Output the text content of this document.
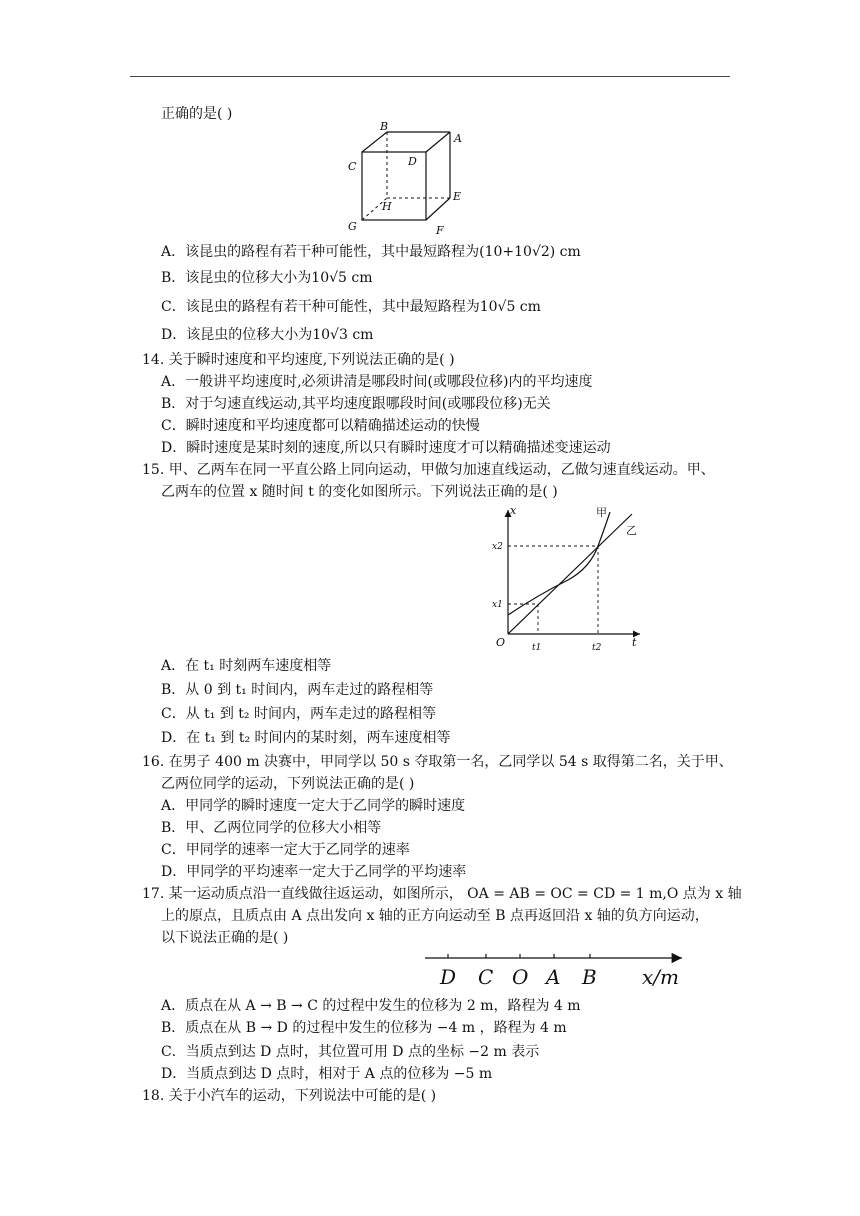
正确的是( )
B
A
C	D
E
G
H
F
A．该昆虫的路程有若干种可能性，其中最短路程为(10+10√2) cm
B．该昆虫的位移大小为10√5 cm
C．该昆虫的路程有若干种可能性，其中最短路程为10√5 cm
D．该昆虫的位移大小为10√3 cm
14. 关于瞬时速度和平均速度,下列说法正确的是( )
A．一般讲平均速度时,必须讲清是哪段时间(或哪段位移)内的平均速度
B．对于匀速直线运动,其平均速度跟哪段时间(或哪段位移)无关
C．瞬时速度和平均速度都可以精确描述运动的快慢
D．瞬时速度是某时刻的速度,所以只有瞬时速度才可以精确描述变速运动
15. 甲、乙两车在同一平直公路上同向运动，甲做匀加速直线运动，乙做匀速直线运动。甲、
乙两车的位置 x 随时间 t 的变化如图所示。下列说法正确的是( )
x
t
O	t1	t2
x1
x2
甲
乙
A．在 t₁ 时刻两车速度相等
B．从 0 到 t₁ 时间内，两车走过的路程相等
C．从 t₁ 到 t₂ 时间内，两车走过的路程相等
D．在 t₁ 到 t₂ 时间内的某时刻，两车速度相等
16. 在男子 400 m 决赛中，甲同学以 50 s 夺取第一名，乙同学以 54 s 取得第二名，关于甲、
乙两位同学的运动，下列说法正确的是( )
A．甲同学的瞬时速度一定大于乙同学的瞬时速度
B．甲、乙两位同学的位移大小相等
C．甲同学的速率一定大于乙同学的速率
D．甲同学的平均速率一定大于乙同学的平均速率
17. 某一运动质点沿一直线做往返运动，如图所示， OA = AB = OC = CD = 1 m,O 点为 x 轴
上的原点，且质点由 A 点出发向 x 轴的正方向运动至 B 点再返回沿 x 轴的负方向运动，
以下说法正确的是( )
D C O A B x/m
A．质点在从 A → B → C 的过程中发生的位移为 2 m，路程为 4 m
B．质点在从 B → D 的过程中发生的位移为 −4 m ，路程为 4 m
C．当质点到达 D 点时，其位置可用 D 点的坐标 −2 m 表示
D．当质点到达 D 点时，相对于 A 点的位移为 −5 m
18. 关于小汽车的运动，下列说法中可能的是( )
